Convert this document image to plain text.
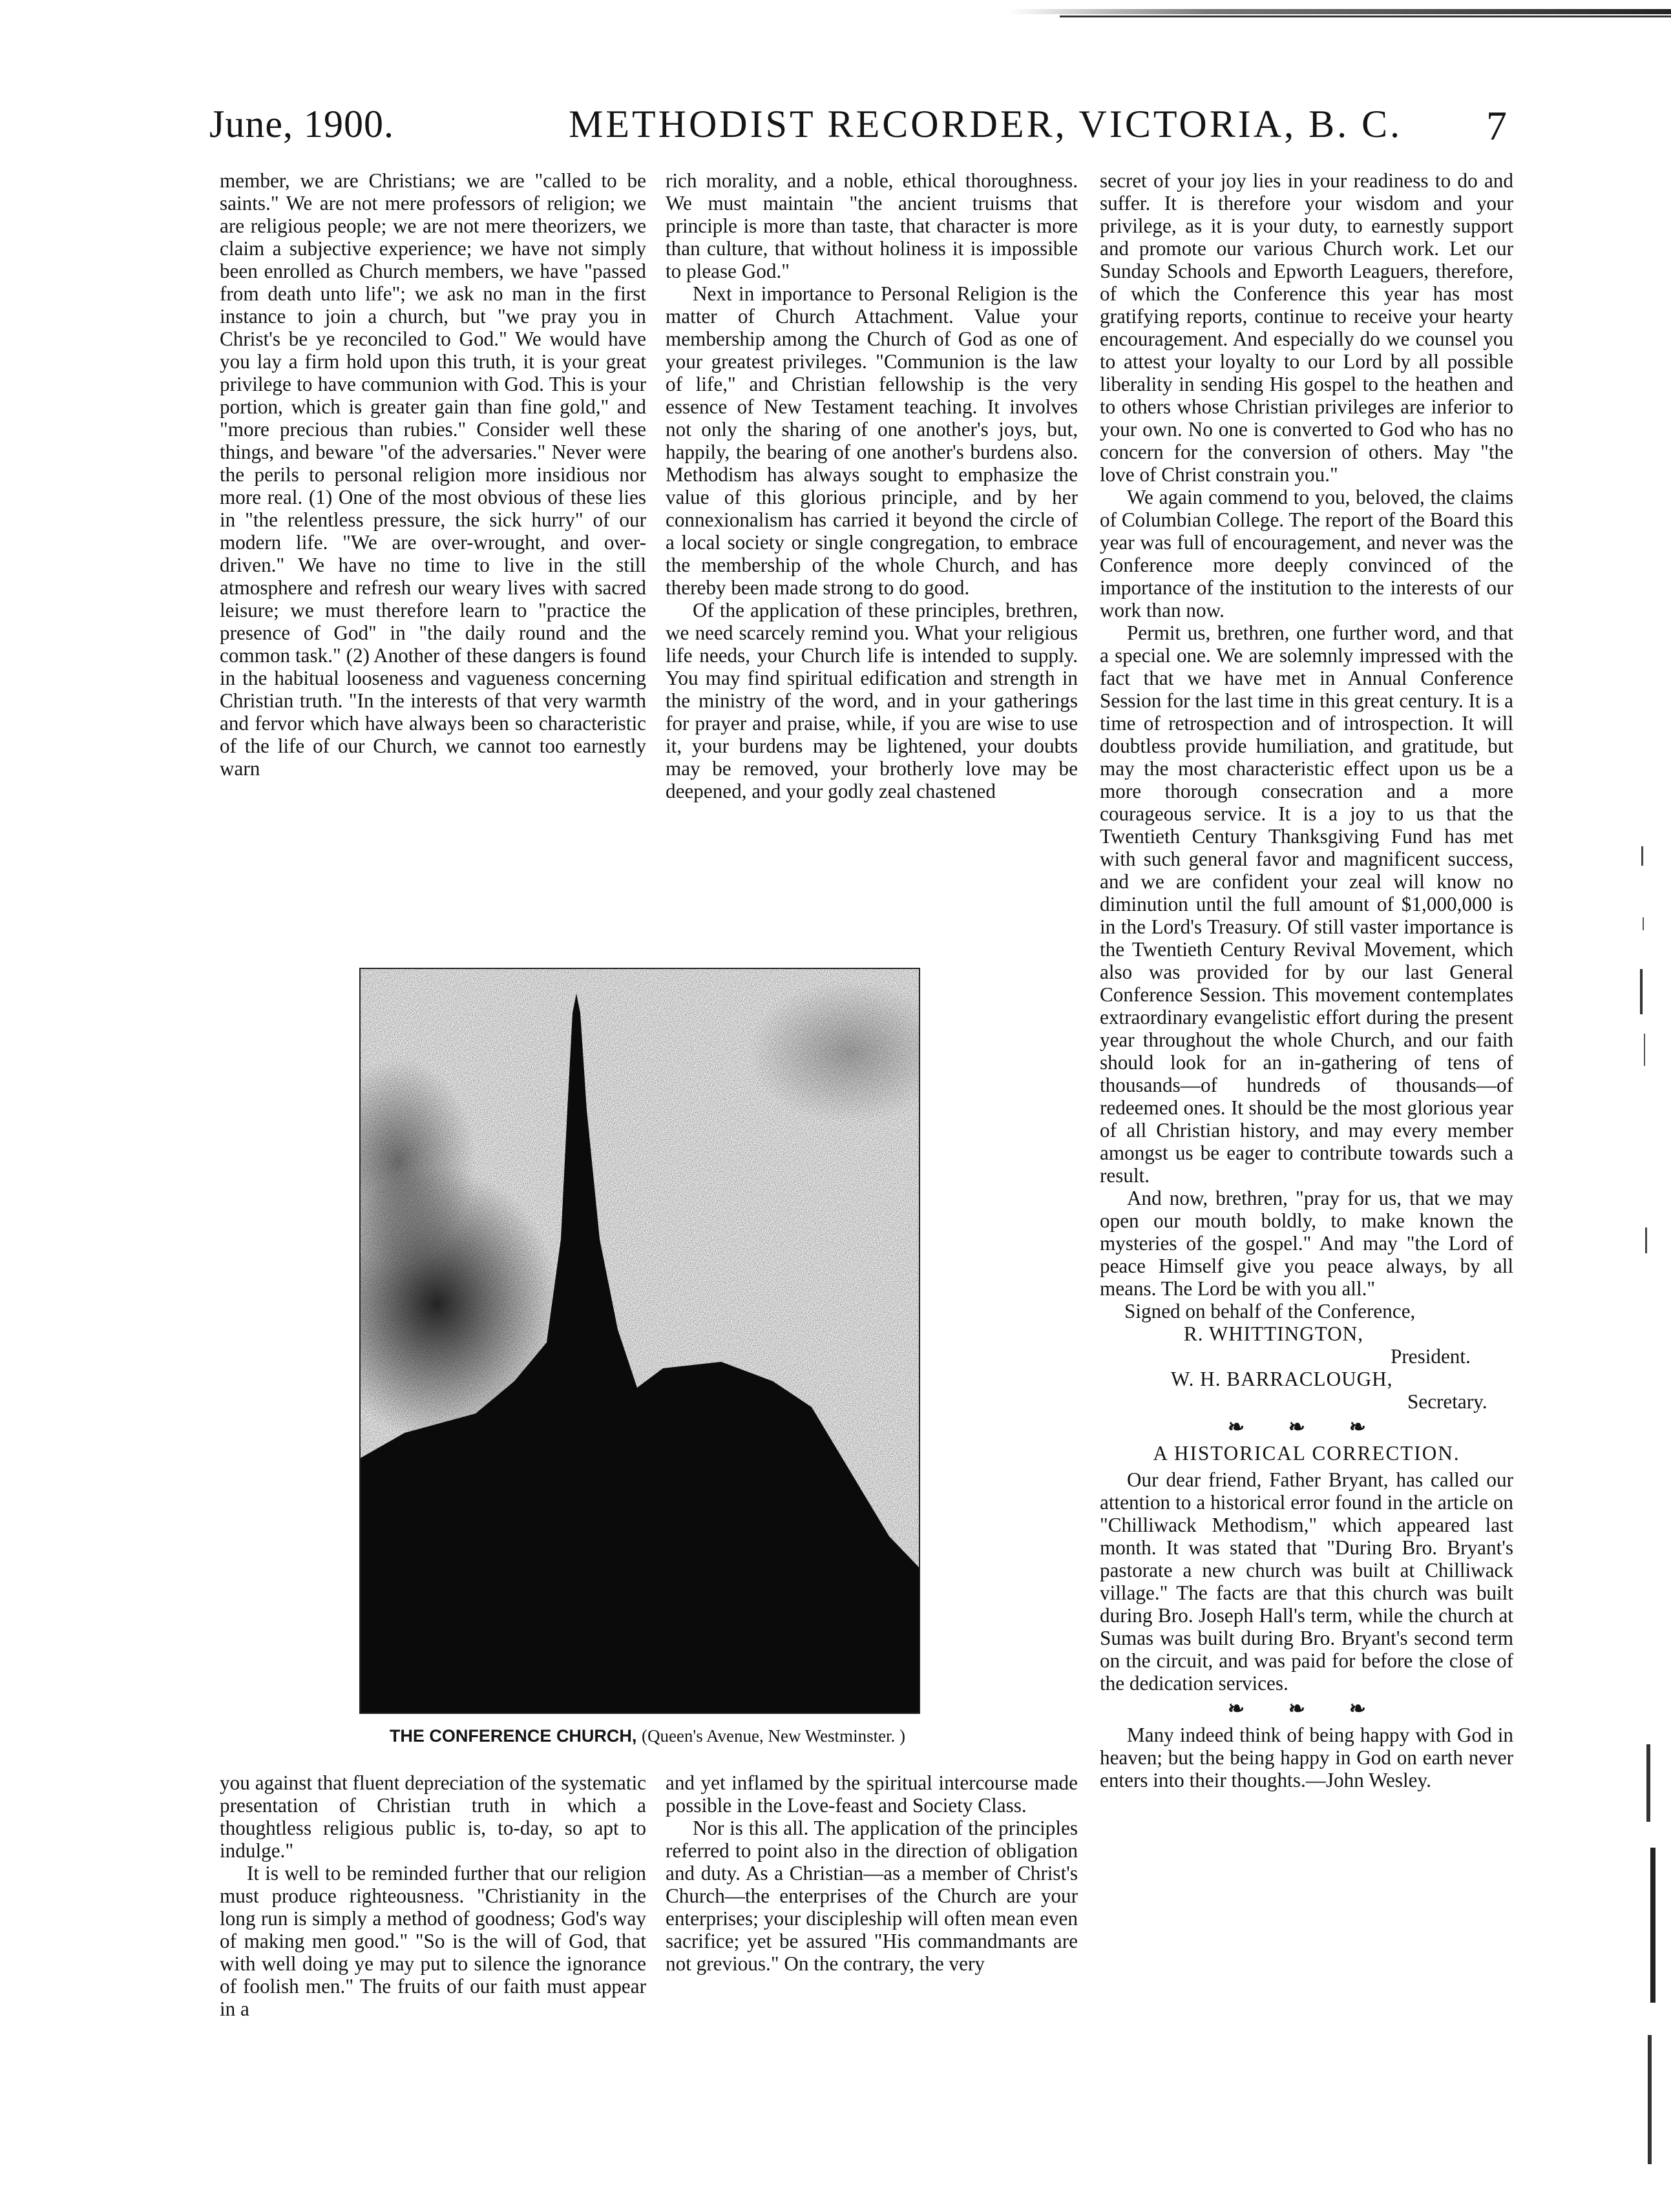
June, 1900.	METHODIST RECORDER, VICTORIA, B. C. 7

member, we are Christians; we are "called to be saints." We are not mere professors of religion; we are religious people; we are not mere theorizers, we claim a subjective experience; we have not simply been enrolled as Church members, we have "passed from death unto life"; we ask no man in the first instance to join a church, but "we pray you in Christ's be ye reconciled to God." We would have you lay a firm hold upon this truth, it is your great privilege to have communion with God. This is your portion, which is greater gain than fine gold," and "more precious than rubies." Consider well these things, and beware "of the adversaries." Never were the perils to personal religion more insidious nor more real. (1) One of the most obvious of these lies in "the relentless pressure, the sick hurry" of our modern life. "We are over-wrought, and over-driven." We have no time to live in the still atmosphere and refresh our weary lives with sacred leisure; we must therefore learn to "practice the presence of God" in "the daily round and the common task." (2) Another of these dangers is found in the habitual looseness and vagueness concerning Christian truth. "In the interests of that very warmth and fervor which have always been so characteristic of the life of our Church, we cannot too earnestly warn

rich morality, and a noble, ethical thoroughness. We must maintain "the ancient truisms that principle is more than taste, that character is more than culture, that without holiness it is impossible to please God."

Next in importance to Personal Religion is the matter of Church Attachment. Value your membership among the Church of God as one of your greatest privileges. "Communion is the law of life," and Christian fellowship is the very essence of New Testament teaching. It involves not only the sharing of one another's joys, but, happily, the bearing of one another's burdens also. Methodism has always sought to emphasize the value of this glorious principle, and by her connexionalism has carried it beyond the circle of a local society or single congregation, to embrace the membership of the whole Church, and has thereby been made strong to do good.

Of the application of these principles, brethren, we need scarcely remind you. What your religious life needs, your Church life is intended to supply. You may find spiritual edification and strength in the ministry of the word, and in your gatherings for prayer and praise, while, if you are wise to use it, your burdens may be lightened, your doubts may be removed, your brotherly love may be deepened, and your godly zeal chastened

secret of your joy lies in your readiness to do and suffer. It is therefore your wisdom and your privilege, as it is your duty, to earnestly support and promote our various Church work. Let our Sunday Schools and Epworth Leaguers, therefore, of which the Conference this year has most gratifying reports, continue to receive your hearty encouragement. And especially do we counsel you to attest your loyalty to our Lord by all possible liberality in sending His gospel to the heathen and to others whose Christian privileges are inferior to your own. No one is converted to God who has no concern for the conversion of others. May "the love of Christ constrain you."

We again commend to you, beloved, the claims of Columbian College. The report of the Board this year was full of encouragement, and never was the Conference more deeply convinced of the importance of the institution to the interests of our work than now.

Permit us, brethren, one further word, and that a special one. We are solemnly impressed with the fact that we have met in Annual Conference Session for the last time in this great century. It is a time of retrospection and of introspection. It will doubtless provide humiliation, and gratitude, but may the most characteristic effect upon us be a more thorough consecration and a more courageous service. It is a joy to us that the Twentieth Century Thanksgiving Fund has met with such general favor and magnificent success, and we are confident your zeal will know no diminution until the full amount of $1,000,000 is in the Lord's Treasury. Of still vaster importance is the Twentieth Century Revival Movement, which also was provided for by our last General Conference Session. This movement contemplates extraordinary evangelistic effort during the present year throughout the whole Church, and our faith should look for an in-gathering of tens of thousands—of hundreds of thousands—of redeemed ones. It should be the most glorious year of all Christian history, and may every member amongst us be eager to contribute towards such a result.

And now, brethren, "pray for us, that we may open our mouth boldly, to make known the mysteries of the gospel." And may "the Lord of peace Himself give you peace always, by all means. The Lord be with you all."

Signed on behalf of the Conference,

R. WHITTINGTON,

President.

W. H. BARRACLOUGH,

Secretary.

❧ ❧ ❧

A HISTORICAL CORRECTION.

Our dear friend, Father Bryant, has called our attention to a historical error found in the article on "Chilliwack Methodism," which appeared last month. It was stated that "During Bro. Bryant's pastorate a new church was built at Chilliwack village." The facts are that this church was built during Bro. Joseph Hall's term, while the church at Sumas was built during Bro. Bryant's second term on the circuit, and was paid for before the close of the dedication services.

❧ ❧ ❧

Many indeed think of being happy with God in heaven; but the being happy in God on earth never enters into their thoughts.—John Wesley.

THE CONFERENCE CHURCH, (Queen's Avenue, New Westminster. )

you against that fluent depreciation of the systematic presentation of Christian truth in which a thoughtless religious public is, to-day, so apt to indulge."

It is well to be reminded further that our religion must produce righteousness. "Christianity in the long run is simply a method of goodness; God's way of making men good." "So is the will of God, that with well doing ye may put to silence the ignorance of foolish men." The fruits of our faith must appear in a

and yet inflamed by the spiritual intercourse made possible in the Love-feast and Society Class.

Nor is this all. The application of the principles referred to point also in the direction of obligation and duty. As a Christian—as a member of Christ's Church—the enterprises of the Church are your enterprises; your discipleship will often mean even sacrifice; yet be assured "His commandmants are not grevious." On the contrary, the very
